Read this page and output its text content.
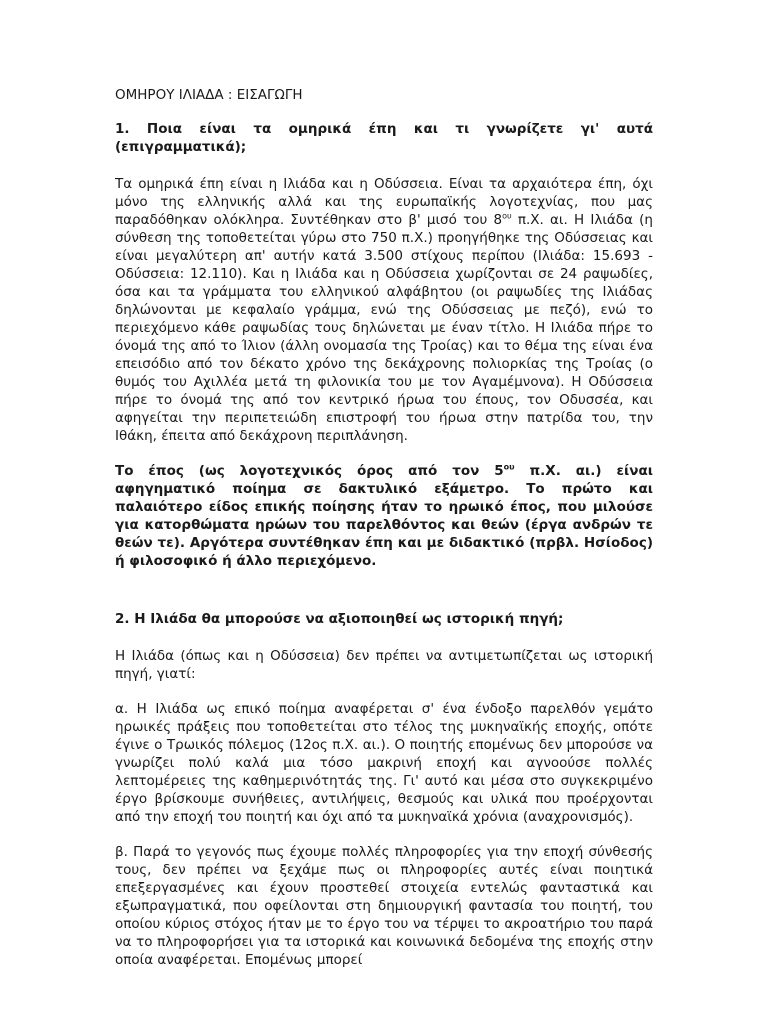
ΟΜΗΡΟΥ ΙΛΙΑΔΑ : ΕΙΣΑΓΩΓΗ

1. Ποια είναι τα ομηρικά έπη και τι γνωρίζετε γι' αυτά (επιγραμματικά);

Τα ομηρικά έπη είναι η Ιλιάδα και η Οδύσσεια. Είναι τα αρχαιότερα έπη, όχι μόνο της ελληνικής αλλά και της ευρωπαϊκής λογοτεχνίας, που μας παραδόθηκαν ολόκληρα. Συντέθηκαν στο β' μισό του $8^{o\upsilon}$ π.Χ. αι. Η Ιλιάδα (η σύνθεση της τοποθετείται γύρω στο 750 π.Χ.) προηγήθηκε της Οδύσσειας και είναι μεγαλύτερη απ' αυτήν κατά 3.500 στίχους περίπου (Ιλιάδα: 15.693 - Οδύσσεια: 12.110). Και η Ιλιάδα και η Οδύσσεια χωρίζονται σε 24 ραψωδίες, όσα και τα γράμματα του ελληνικού αλφάβητου (οι ραψωδίες της Ιλιάδας δηλώνονται με κεφαλαίο γράμμα, ενώ της Οδύσσειας με πεζό), ενώ το περιεχόμενο κάθε ραψωδίας τους δηλώνεται με έναν τίτλο. Η Ιλιάδα πήρε το όνομά της από το Ίλιον (άλλη ονομασία της Τροίας) και το θέμα της είναι ένα επεισόδιο από τον δέκατο χρόνο της δεκάχρονης πολιορκίας της Τροίας (ο θυμός του Αχιλλέα μετά τη φιλονικία του με τον Αγαμέμνονα). Η Οδύσσεια πήρε το όνομά της από τον κεντρικό ήρωα του έπους, τον Οδυσσέα, και αφηγείται την περιπετειώδη επιστροφή του ήρωα στην πατρίδα του, την Ιθάκη, έπειτα από δεκάχρονη περιπλάνηση.

Το έπος (ως λογοτεχνικός όρος από τον $5^{o\upsilon}$ π.Χ. αι.) είναι αφηγηματικό ποίημα σε δακτυλικό εξάμετρο. Το πρώτο και παλαιότερο είδος επικής ποίησης ήταν το ηρωικό έπος, που μιλούσε για κατορθώματα ηρώων του παρελθόντος και θεών (έργα ανδρών τε θεών τε). Αργότερα συντέθηκαν έπη και με διδακτικό (πρβλ. Ησίοδος) ή φιλοσοφικό ή άλλο περιεχόμενο.

2. Η Ιλιάδα θα μπορούσε να αξιοποιηθεί ως ιστορική πηγή;

Η Ιλιάδα (όπως και η Οδύσσεια) δεν πρέπει να αντιμετωπίζεται ως ιστορική πηγή, γιατί:

α. Η Ιλιάδα ως επικό ποίημα αναφέρεται σ' ένα ένδοξο παρελθόν γεμάτο ηρωικές πράξεις που τοποθετείται στο τέλος της μυκηναϊκής εποχής, οπότε έγινε ο Τρωικός πόλεμος (12ος π.Χ. αι.). Ο ποιητής επομένως δεν μπορούσε να γνωρίζει πολύ καλά μια τόσο μακρινή εποχή και αγνοούσε πολλές λεπτομέρειες της καθημερινότητάς της. Γι' αυτό και μέσα στο συγκεκριμένο έργο βρίσκουμε συνήθειες, αντιλήψεις, θεσμούς και υλικά που προέρχονται από την εποχή του ποιητή και όχι από τα μυκηναϊκά χρόνια (αναχρονισμός).

β. Παρά το γεγονός πως έχουμε πολλές πληροφορίες για την εποχή σύνθεσής τους, δεν πρέπει να ξεχάμε πως οι πληροφορίες αυτές είναι ποιητικά επεξεργασμένες και έχουν προστεθεί στοιχεία εντελώς φανταστικά και εξωπραγματικά, που οφείλονται στη δημιουργική φαντασία του ποιητή, του οποίου κύριος στόχος ήταν με το έργο του να τέρψει το ακροατήριο του παρά να το πληροφορήσει για τα ιστορικά και κοινωνικά δεδομένα της εποχής στην οποία αναφέρεται. Επομένως μπορεί
